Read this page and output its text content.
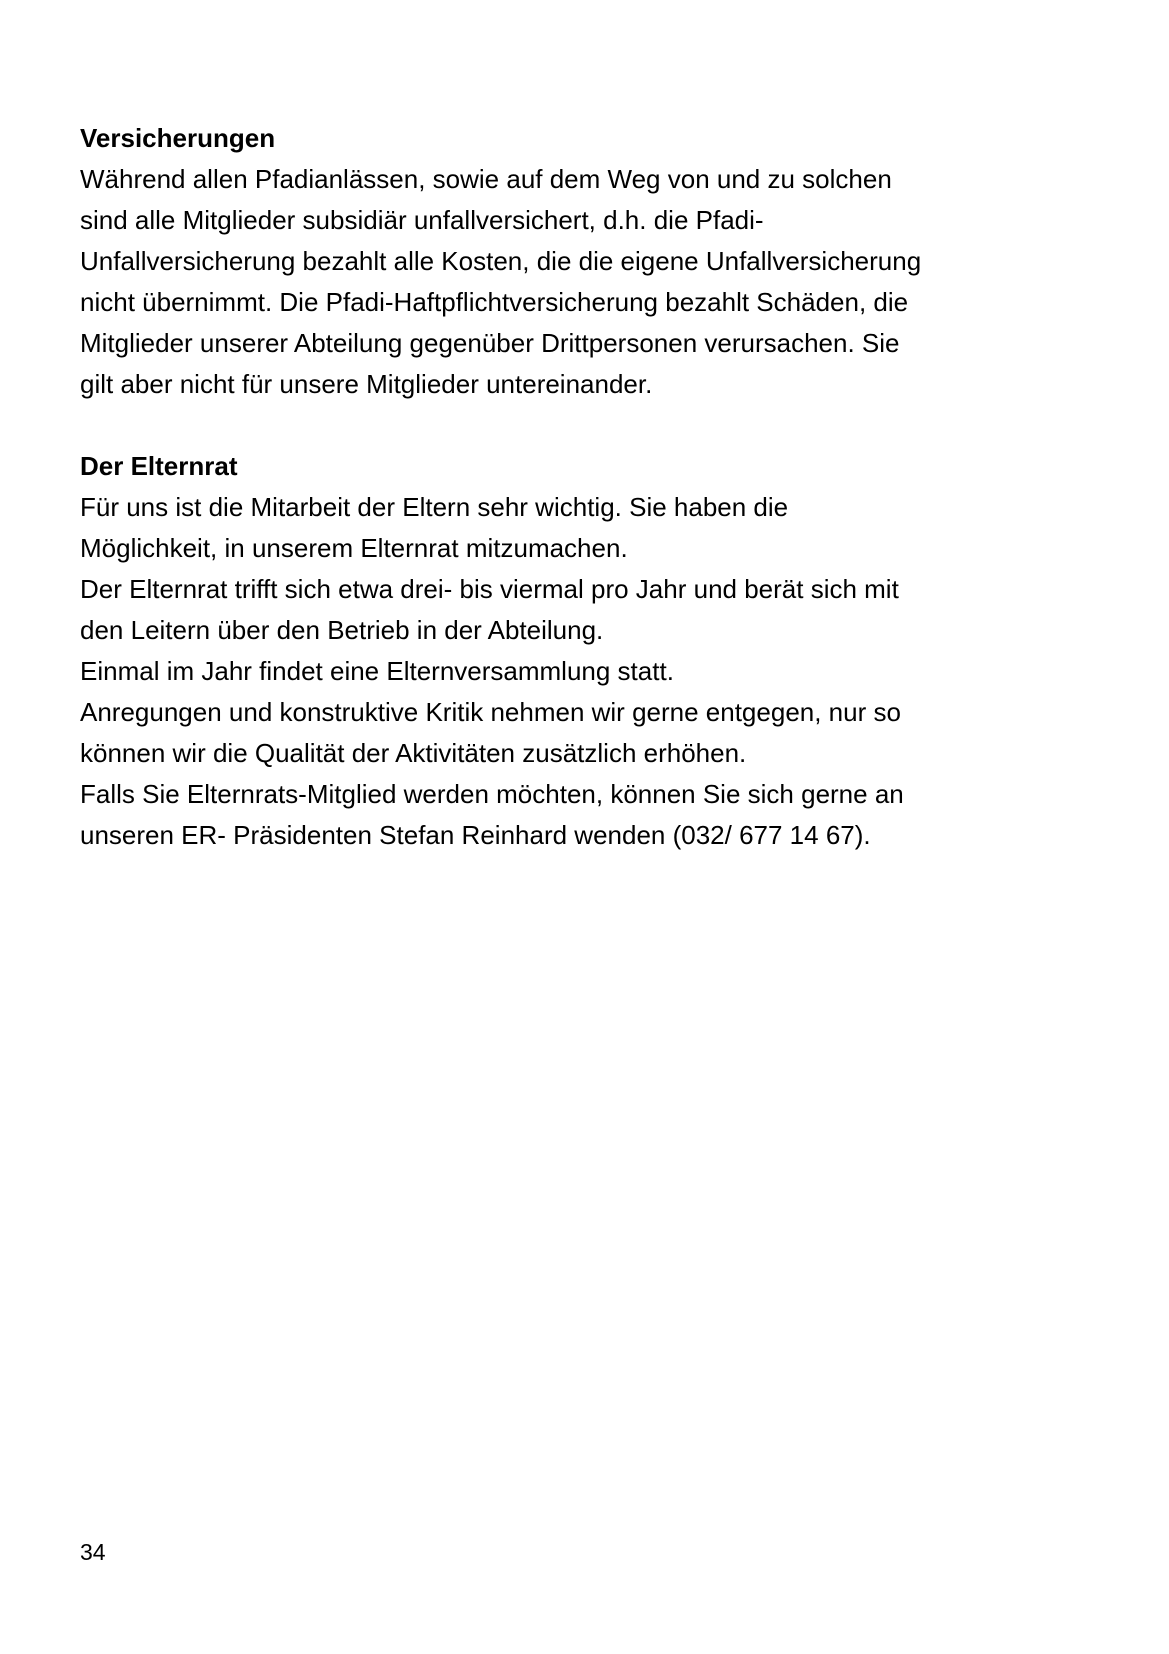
Versicherungen

Während allen Pfadianlässen, sowie auf dem Weg von und zu solchen

sind alle Mitglieder subsidiär unfallversichert, d.h. die Pfadi-

Unfallversicherung bezahlt alle Kosten, die die eigene Unfallversicherung

nicht übernimmt. Die Pfadi-Haftpflichtversicherung bezahlt Schäden, die

Mitglieder unserer Abteilung gegenüber Drittpersonen verursachen. Sie

gilt aber nicht für unsere Mitglieder untereinander.

Der Elternrat

Für uns ist die Mitarbeit der Eltern sehr wichtig. Sie haben die

Möglichkeit, in unserem Elternrat mitzumachen.

Der Elternrat trifft sich etwa drei- bis viermal pro Jahr und berät sich mit

den Leitern über den Betrieb in der Abteilung.

Einmal im Jahr findet eine Elternversammlung statt.

Anregungen und konstruktive Kritik nehmen wir gerne entgegen, nur so

können wir die Qualität der Aktivitäten zusätzlich erhöhen.

Falls Sie Elternrats-Mitglied werden möchten, können Sie sich gerne an

unseren ER- Präsidenten Stefan Reinhard wenden (032/ 677 14 67).

34
